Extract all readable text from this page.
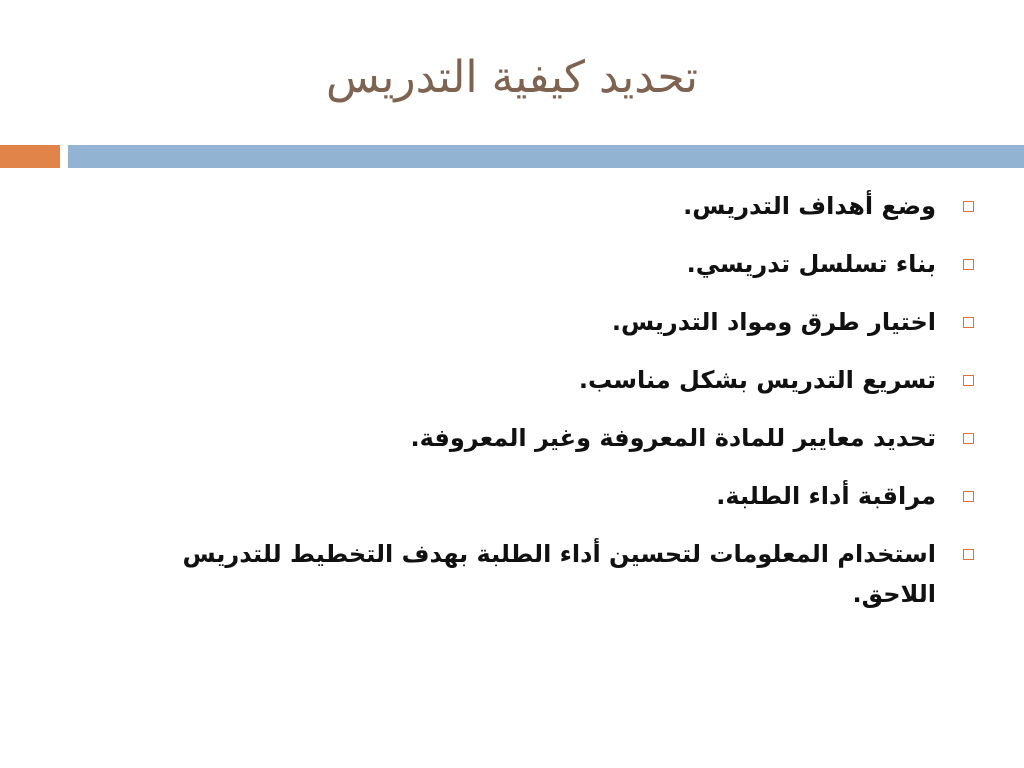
تحديد كيفية التدريس
وضع أهداف التدريس.
بناء تسلسل تدريسي.
اختيار طرق ومواد التدريس.
تسريع التدريس بشكل مناسب.
تحديد معايير للمادة المعروفة وغير المعروفة.
مراقبة أداء الطلبة.
استخدام المعلومات لتحسين أداء الطلبة بهدف التخطيط للتدريس اللاحق.
